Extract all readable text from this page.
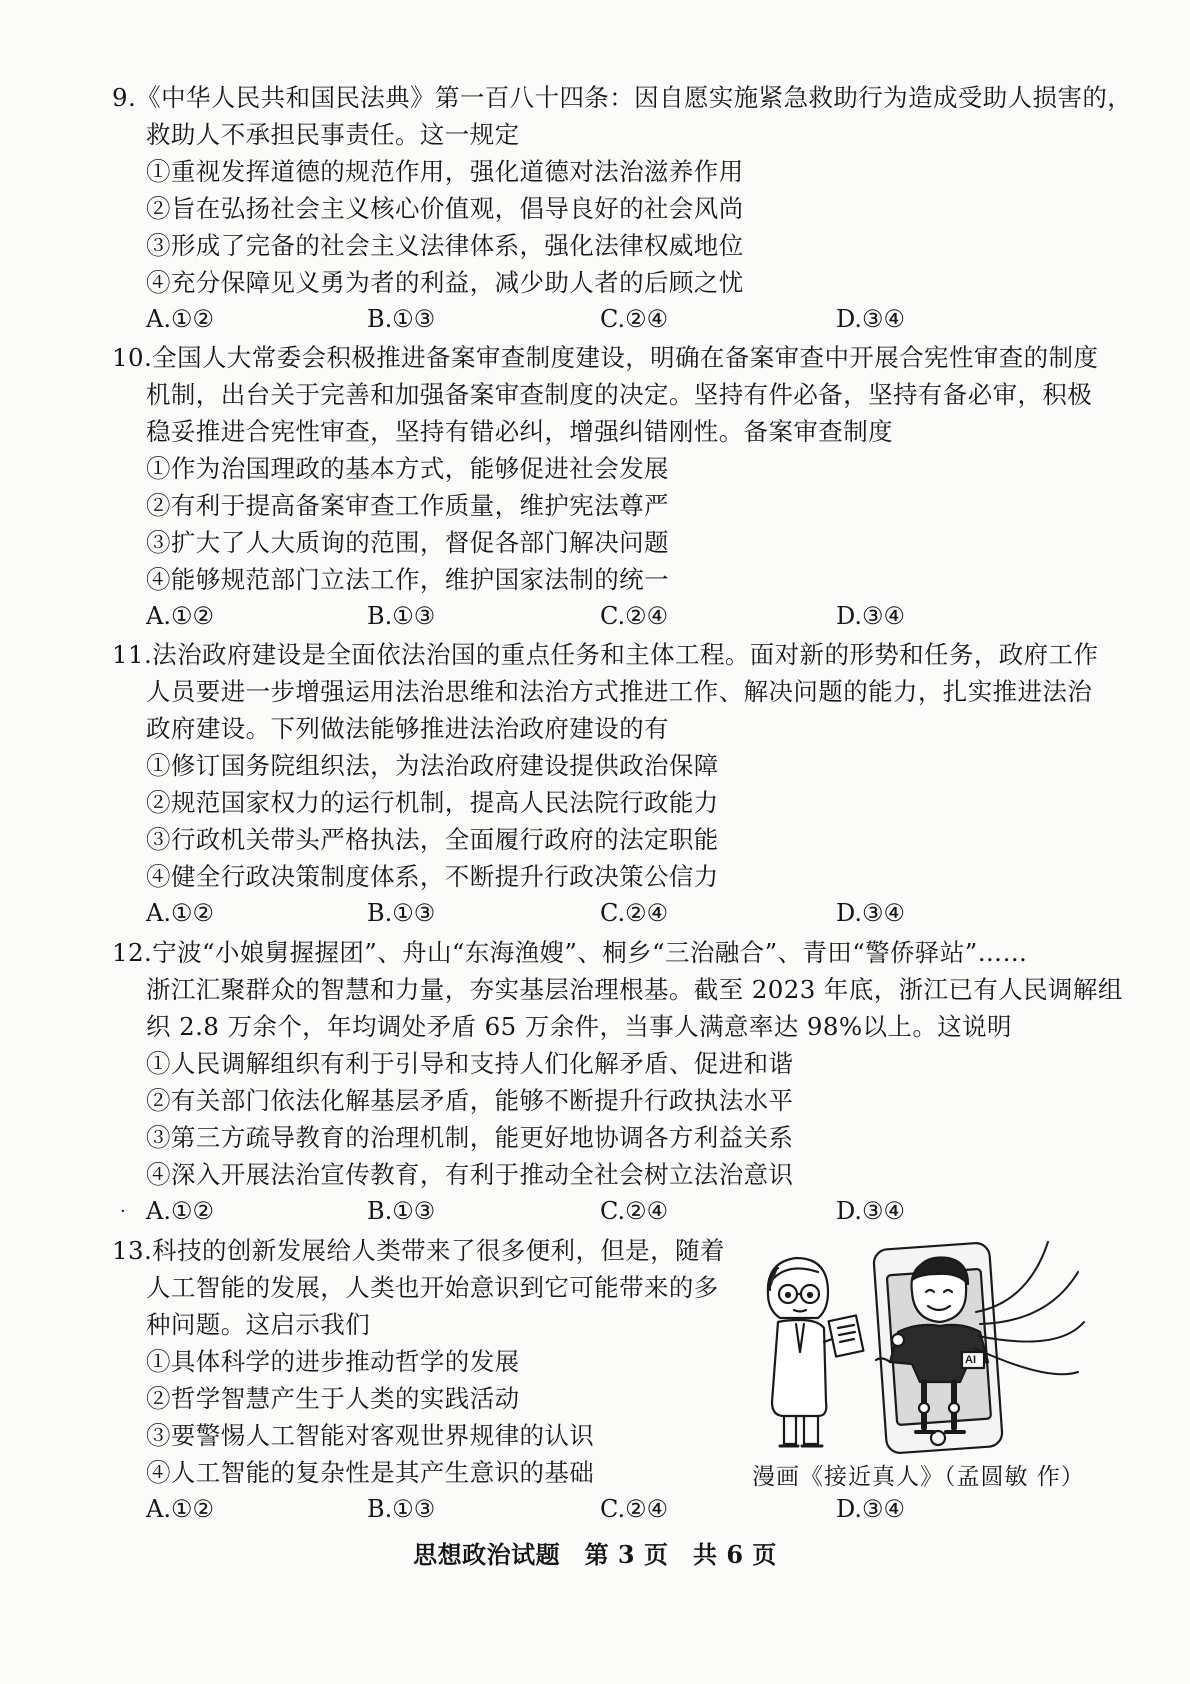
9.《中华人民共和国民法典》第一百八十四条：因自愿实施紧急救助行为造成受助人损害的，
救助人不承担民事责任。这一规定
①重视发挥道德的规范作用，强化道德对法治滋养作用
②旨在弘扬社会主义核心价值观，倡导良好的社会风尚
③形成了完备的社会主义法律体系，强化法律权威地位
④充分保障见义勇为者的利益，减少助人者的后顾之忧
A.①②	B.①③	C.②④	D.③④
10.全国人大常委会积极推进备案审查制度建设，明确在备案审查中开展合宪性审查的制度
机制，出台关于完善和加强备案审查制度的决定。坚持有件必备，坚持有备必审，积极
稳妥推进合宪性审查，坚持有错必纠，增强纠错刚性。备案审查制度
①作为治国理政的基本方式，能够促进社会发展
②有利于提高备案审查工作质量，维护宪法尊严
③扩大了人大质询的范围，督促各部门解决问题
④能够规范部门立法工作，维护国家法制的统一
A.①②	B.①③	C.②④	D.③④
11.法治政府建设是全面依法治国的重点任务和主体工程。面对新的形势和任务，政府工作
人员要进一步增强运用法治思维和法治方式推进工作、解决问题的能力，扎实推进法治
政府建设。下列做法能够推进法治政府建设的有
①修订国务院组织法，为法治政府建设提供政治保障
②规范国家权力的运行机制，提高人民法院行政能力
③行政机关带头严格执法，全面履行政府的法定职能
④健全行政决策制度体系，不断提升行政决策公信力
A.①②	B.①③	C.②④	D.③④
12.宁波“小娘舅握握团”、舟山“东海渔嫂”、桐乡“三治融合”、青田“警侨驿站”……
浙江汇聚群众的智慧和力量，夯实基层治理根基。截至 2023 年底，浙江已有人民调解组
织 2.8 万余个，年均调处矛盾 65 万余件，当事人满意率达 98%以上。这说明
①人民调解组织有利于引导和支持人们化解矛盾、促进和谐
②有关部门依法化解基层矛盾，能够不断提升行政执法水平
③第三方疏导教育的治理机制，能更好地协调各方利益关系
④深入开展法治宣传教育，有利于推动全社会树立法治意识
· A.①②	B.①③	C.②④	D.③④
13.科技的创新发展给人类带来了很多便利，但是，随着
人工智能的发展，人类也开始意识到它可能带来的多
种问题。这启示我们
①具体科学的进步推动哲学的发展
②哲学智慧产生于人类的实践活动
③要警惕人工智能对客观世界规律的认识
④人工智能的复杂性是其产生意识的基础
A.①②	B.①③	C.②④	D.③④
AI
漫画《接近真人》（孟圆敏 作）
思想政治试题　第 3 页　共 6 页
